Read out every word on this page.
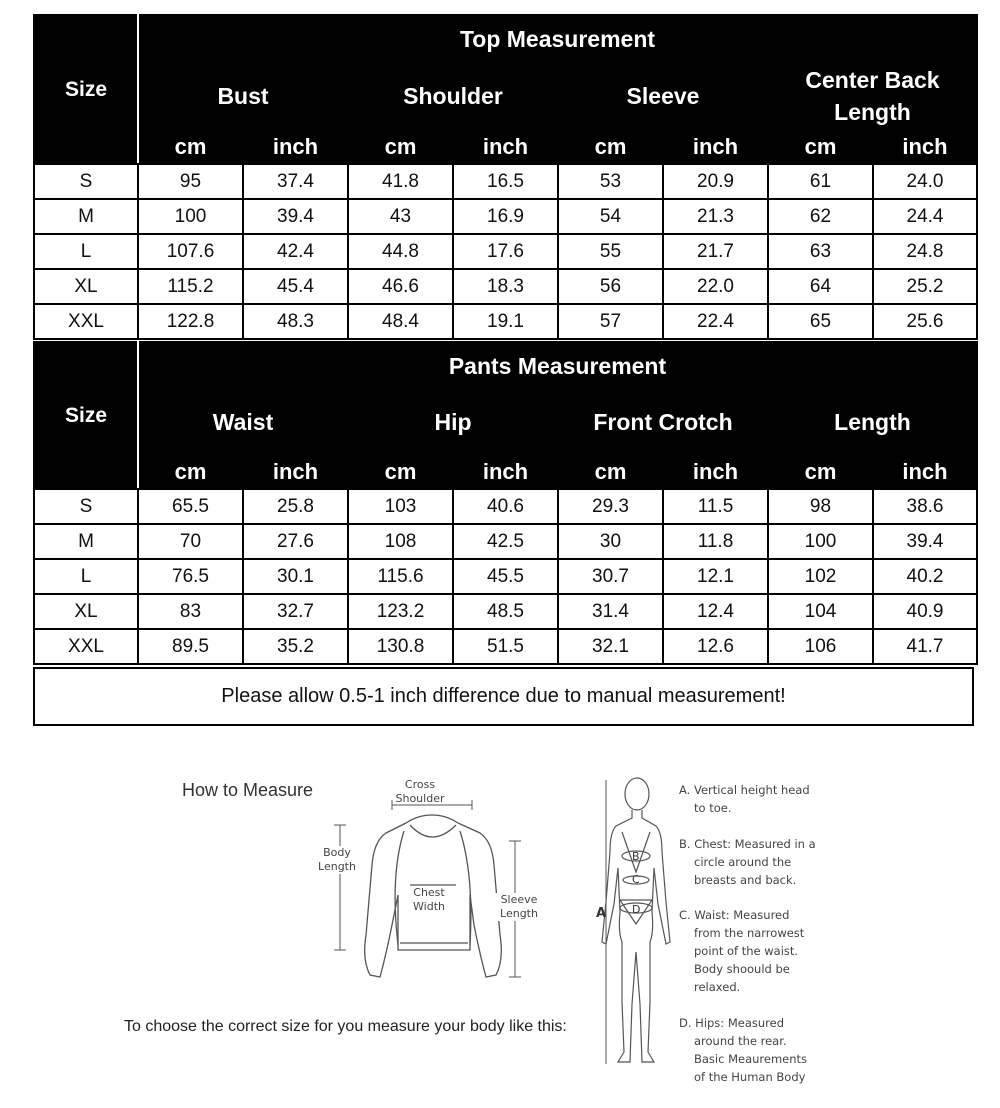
Size	Top Measurement							
	Bust		Shoulder		Sleeve		Center Back Length	
	cm	inch	cm	inch	cm	inch	cm	inch
S	95	37.4	41.8	16.5	53	20.9	61	24.0
M	100	39.4	43	16.9	54	21.3	62	24.4
L	107.6	42.4	44.8	17.6	55	21.7	63	24.8
XL	115.2	45.4	46.6	18.3	56	22.0	64	25.2
XXL	122.8	48.3	48.4	19.1	57	22.4	65	25.6
Size	Pants Measurement							
	Waist		Hip		Front Crotch		Length	
	cm	inch	cm	inch	cm	inch	cm	inch
S	65.5	25.8	103	40.6	29.3	11.5	98	38.6
M	70	27.6	108	42.5	30	11.8	100	39.4
L	76.5	30.1	115.6	45.5	30.7	12.1	102	40.2
XL	83	32.7	123.2	48.5	31.4	12.4	104	40.9
XXL	89.5	35.2	130.8	51.5	32.1	12.6	106	41.7
Please allow 0.5-1 inch difference due to manual measurement!
How to Measure	Cross
Shoulder
Body
Length
Chest
Width
Sleeve
Length
To choose the correct size for you measure your body like this:
A
B
C
D
A. Vertical height head
to toe.
B. Chest: Measured in a
circle around the
breasts and back.
C. Waist: Measured
from the narrowest
point of the waist.
Body shoould be
relaxed.
D. Hips: Measured
around the rear.
Basic Meaurements
of the Human Body
